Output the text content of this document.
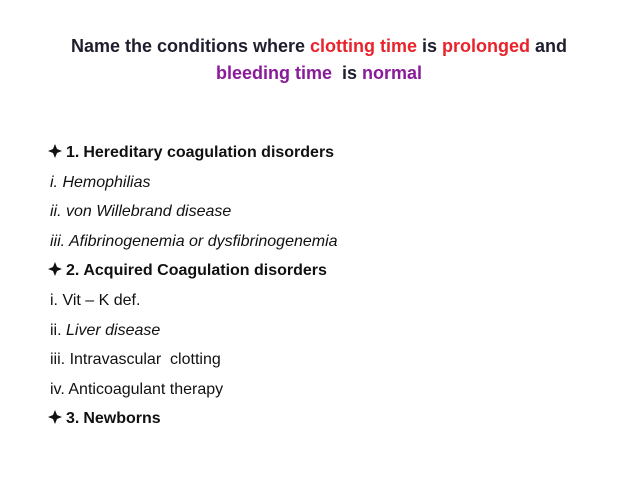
Name the conditions where clotting time is prolonged and
bleeding time  is normal
1. Hereditary coagulation disorders
i. Hemophilias
ii. von Willebrand disease
iii. Afibrinogenemia or dysfibrinogenemia
2. Acquired Coagulation disorders
i. Vit – K def.
ii. Liver disease
iii. Intravascular  clotting
iv. Anticoagulant therapy
3. Newborns
